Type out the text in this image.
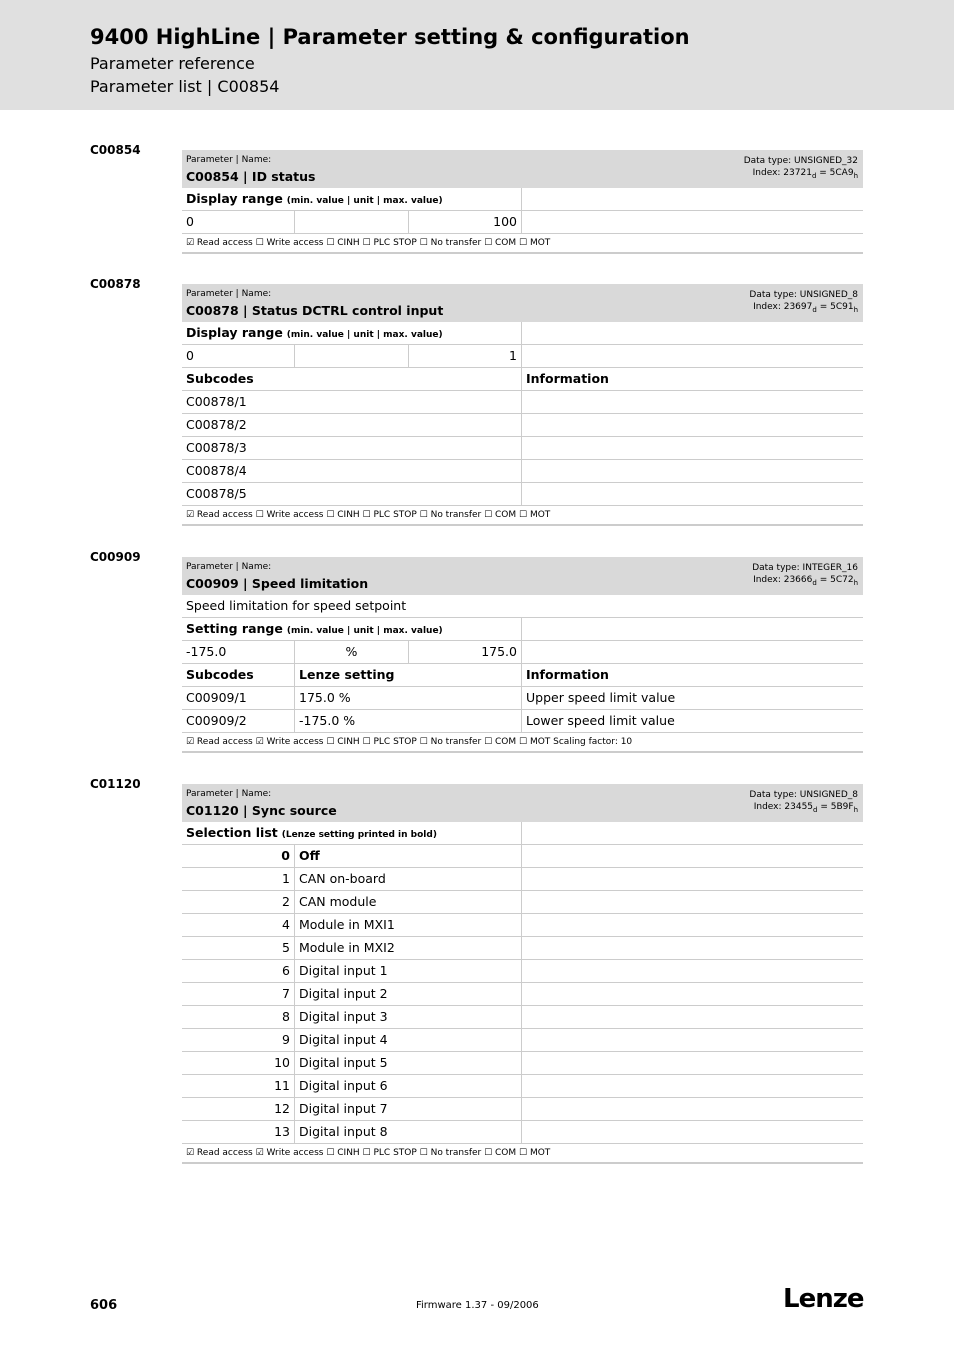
9400 HighLine | Parameter setting & configuration
Parameter reference
Parameter list | C00854
C00854
Parameter | Name:
C00854 | ID status
Data type: UNSIGNED_32
Index: $23721_d = 5CA9_h$
Display range (min. value | unit | max. value)
0	100
☑ Read access ☐ Write access ☐ CINH ☐ PLC STOP ☐ No transfer ☐ COM ☐ MOT
C00878
Parameter | Name:
C00878 | Status DCTRL control input
Data type: UNSIGNED_8
Index: $23697_d = 5C91_h$
Display range (min. value | unit | max. value)
0	1
Subcodes	Information
C00878/1
C00878/2
C00878/3
C00878/4
C00878/5
☑ Read access ☐ Write access ☐ CINH ☐ PLC STOP ☐ No transfer ☐ COM ☐ MOT
C00909
Parameter | Name:
C00909 | Speed limitation
Data type: INTEGER_16
Index: $23666_d = 5C72_h$
Speed limitation for speed setpoint
Setting range (min. value | unit | max. value)
-175.0	%	175.0
Subcodes	Lenze setting	Information
C00909/1	175.0 %	Upper speed limit value
C00909/2	-175.0 %	Lower speed limit value
☑ Read access ☑ Write access ☐ CINH ☐ PLC STOP ☐ No transfer ☐ COM ☐ MOT Scaling factor: 10
C01120
Parameter | Name:
C01120 | Sync source
Data type: UNSIGNED_8
Index: $23455_d = 5B9F_h$
Selection list (Lenze setting printed in bold)
0 Off
1 CAN on-board
2 CAN module
4 Module in MXI1
5 Module in MXI2
6 Digital input 1
7 Digital input 2
8 Digital input 3
9 Digital input 4
10 Digital input 5
11 Digital input 6
12 Digital input 7
13 Digital input 8
☑ Read access ☑ Write access ☐ CINH ☐ PLC STOP ☐ No transfer ☐ COM ☐ MOT
606	Firmware 1.37 - 09/2006	Lenze
